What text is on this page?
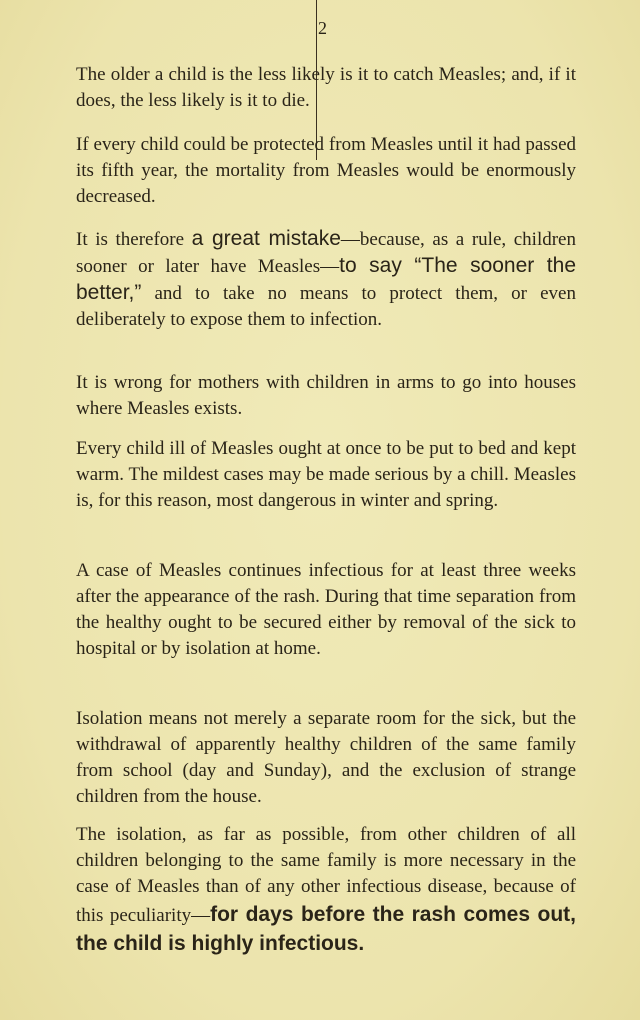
2

The older a child is the less likely is it to catch Measles; and, if it does, the less likely is it to die.

If every child could be protected from Measles until it had passed its fifth year, the mortality from Measles would be enormously decreased.

It is therefore a great mistake—because, as a rule, children sooner or later have Measles—to say “The sooner the better,” and to take no means to protect them, or even deliberately to expose them to infection.

It is wrong for mothers with children in arms to go into houses where Measles exists.

Every child ill of Measles ought at once to be put to bed and kept warm. The mildest cases may be made serious by a chill. Measles is, for this reason, most dangerous in winter and spring.

A case of Measles continues infectious for at least three weeks after the appearance of the rash. During that time separation from the healthy ought to be secured either by removal of the sick to hospital or by isolation at home.

Isolation means not merely a separate room for the sick, but the withdrawal of apparently healthy children of the same family from school (day and Sunday), and the exclusion of strange children from the house.

The isolation, as far as possible, from other children of all children belonging to the same family is more necessary in the case of Measles than of any other infectious disease, because of this peculiarity—for days before the rash comes out, the child is highly infectious.
